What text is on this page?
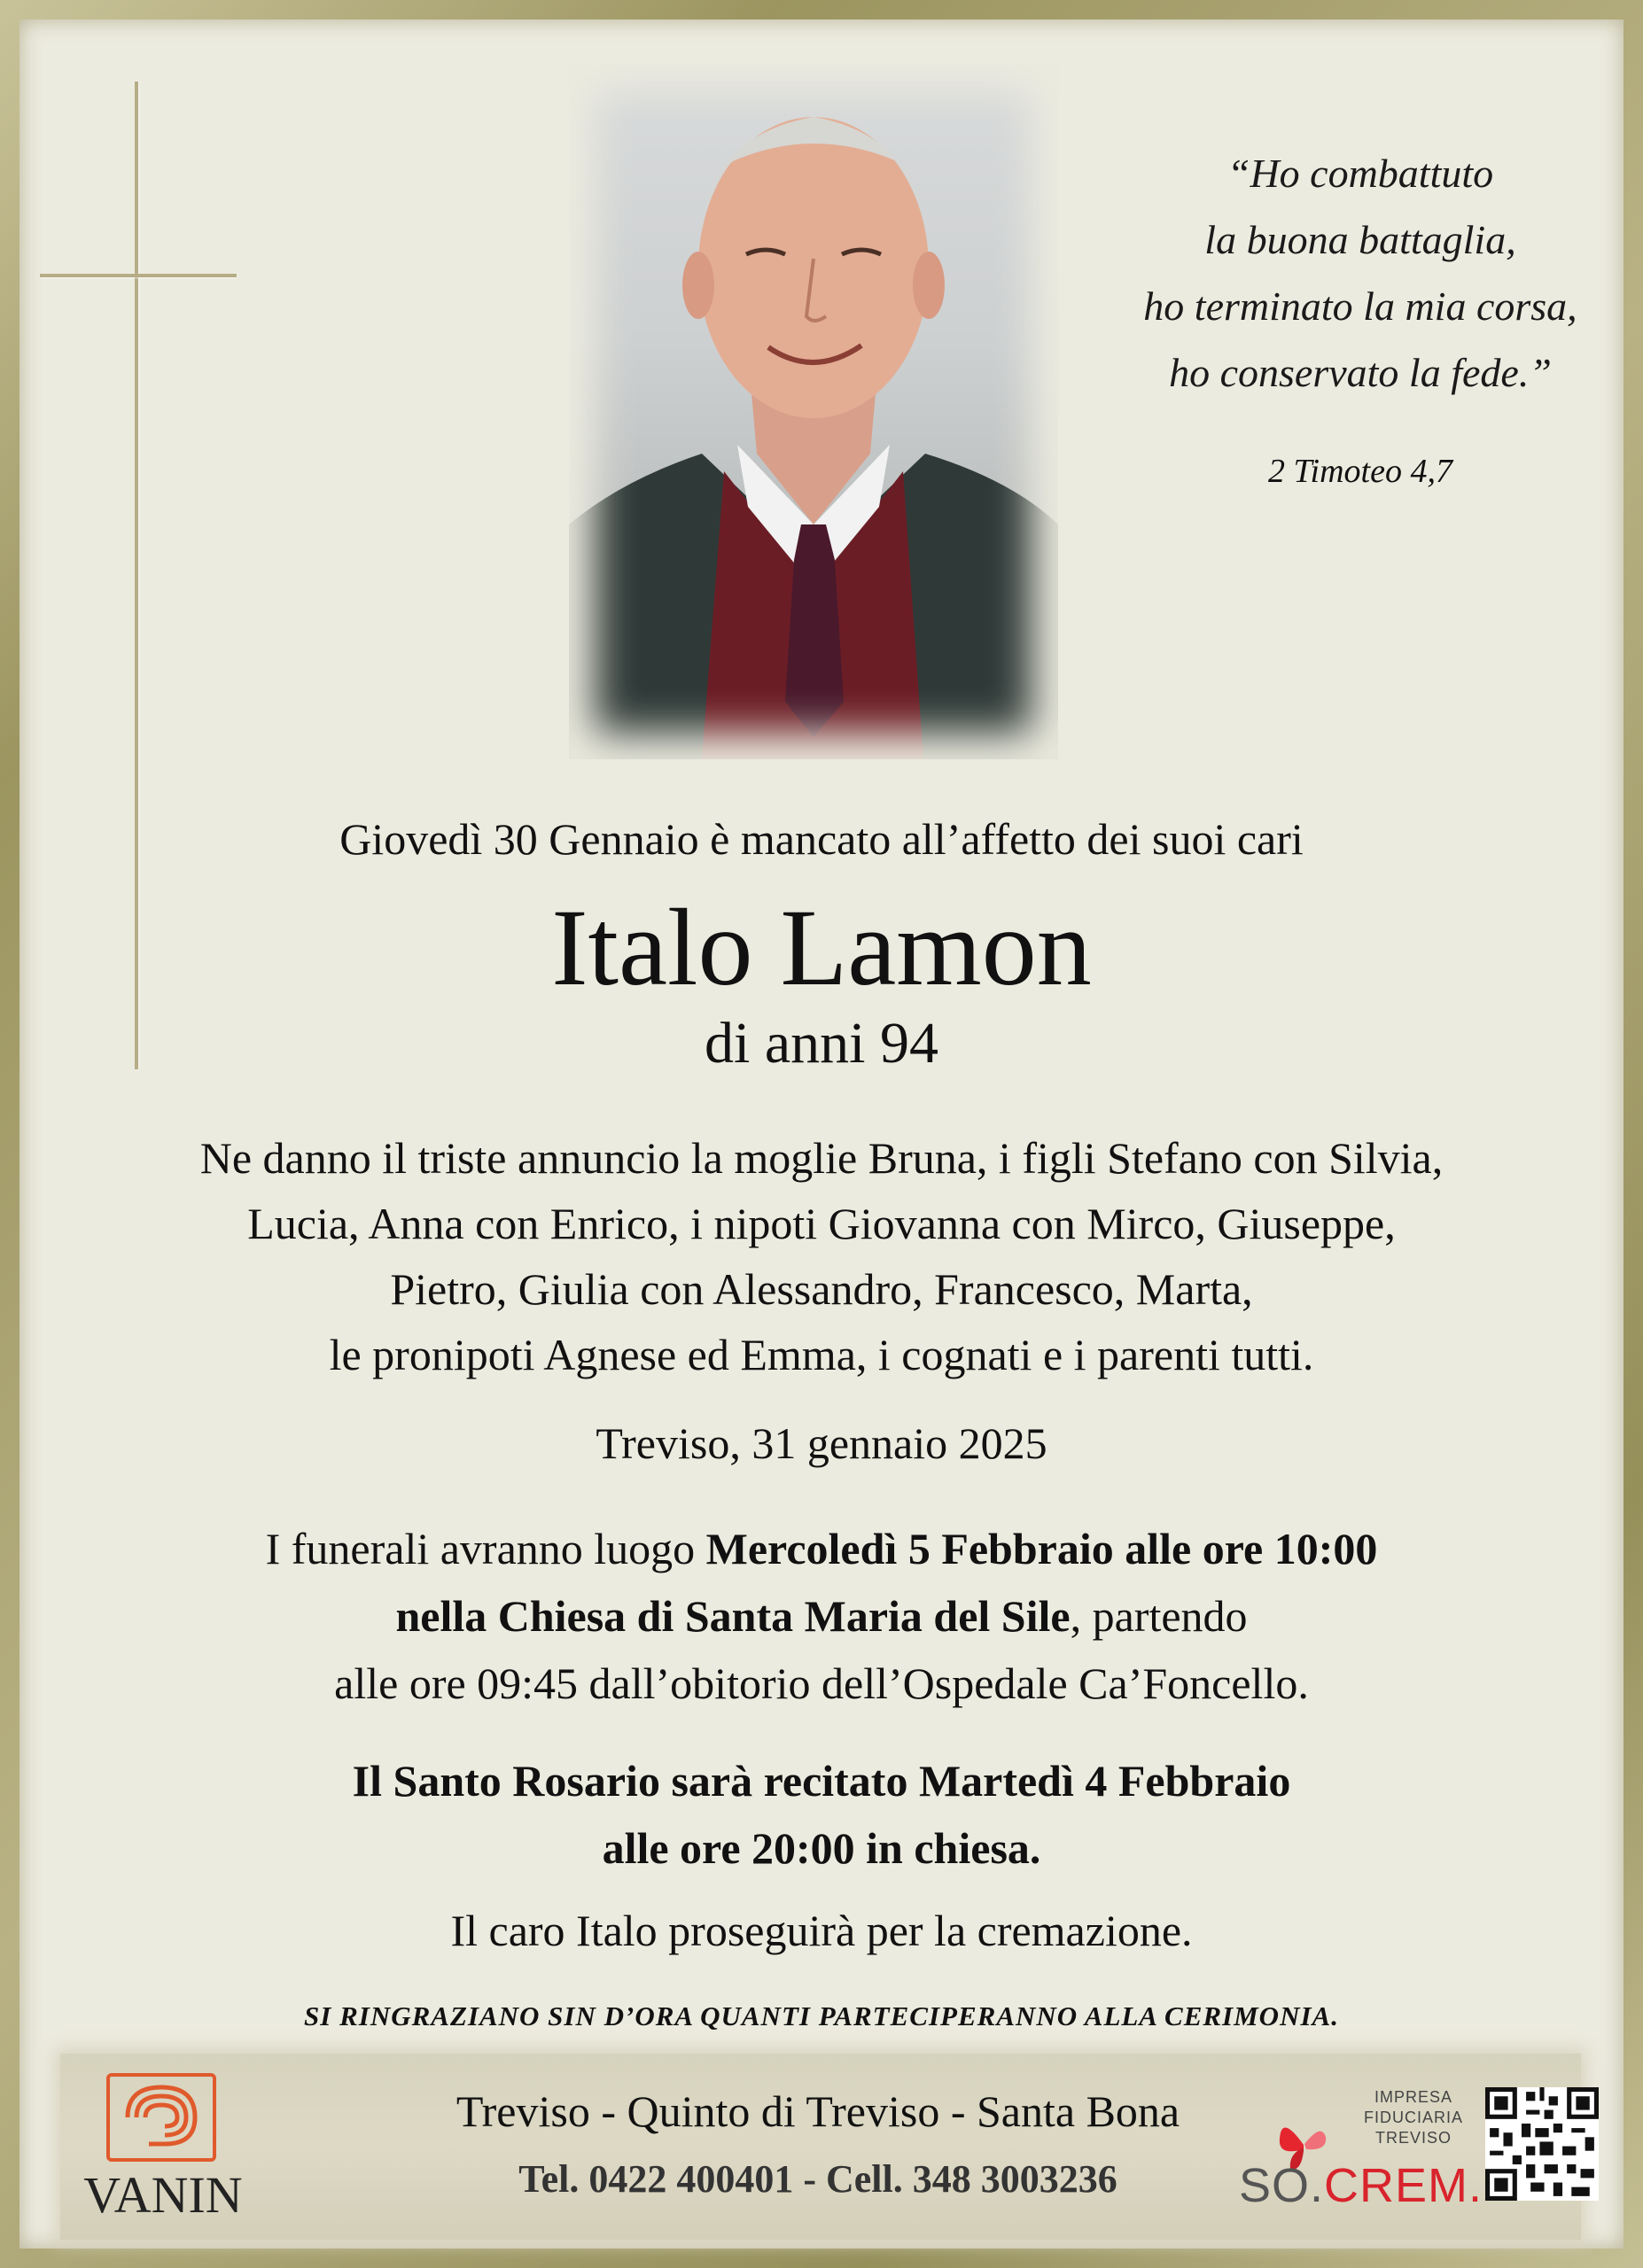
“Ho combattuto
la buona battaglia,
ho terminato la mia corsa,
ho conservato la fede.”
2 Timoteo 4,7
Giovedì 30 Gennaio è mancato all’affetto dei suoi cari
Italo Lamon
di anni 94
Ne danno il triste annuncio la moglie Bruna, i figli Stefano con Silvia,
Lucia, Anna con Enrico, i nipoti Giovanna con Mirco, Giuseppe,
Pietro, Giulia con Alessandro, Francesco, Marta,
le pronipoti Agnese ed Emma, i cognati e i parenti tutti.
Treviso, 31 gennaio 2025
I funerali avranno luogo Mercoledì 5 Febbraio alle ore 10:00
nella Chiesa di Santa Maria del Sile, partendo
alle ore 09:45 dall’obitorio dell’Ospedale Ca’Foncello.
Il Santo Rosario sarà recitato Martedì 4 Febbraio
alle ore 20:00 in chiesa.
Il caro Italo proseguirà per la cremazione.
SI RINGRAZIANO SIN D’ORA QUANTI PARTECIPERANNO ALLA CERIMONIA.
VANIN
Treviso - Quinto di Treviso - Santa Bona
Tel. 0422 400401 - Cell. 348 3003236
IMPRESA
FIDUCIARIA
TREVISO
SO.CREM.
